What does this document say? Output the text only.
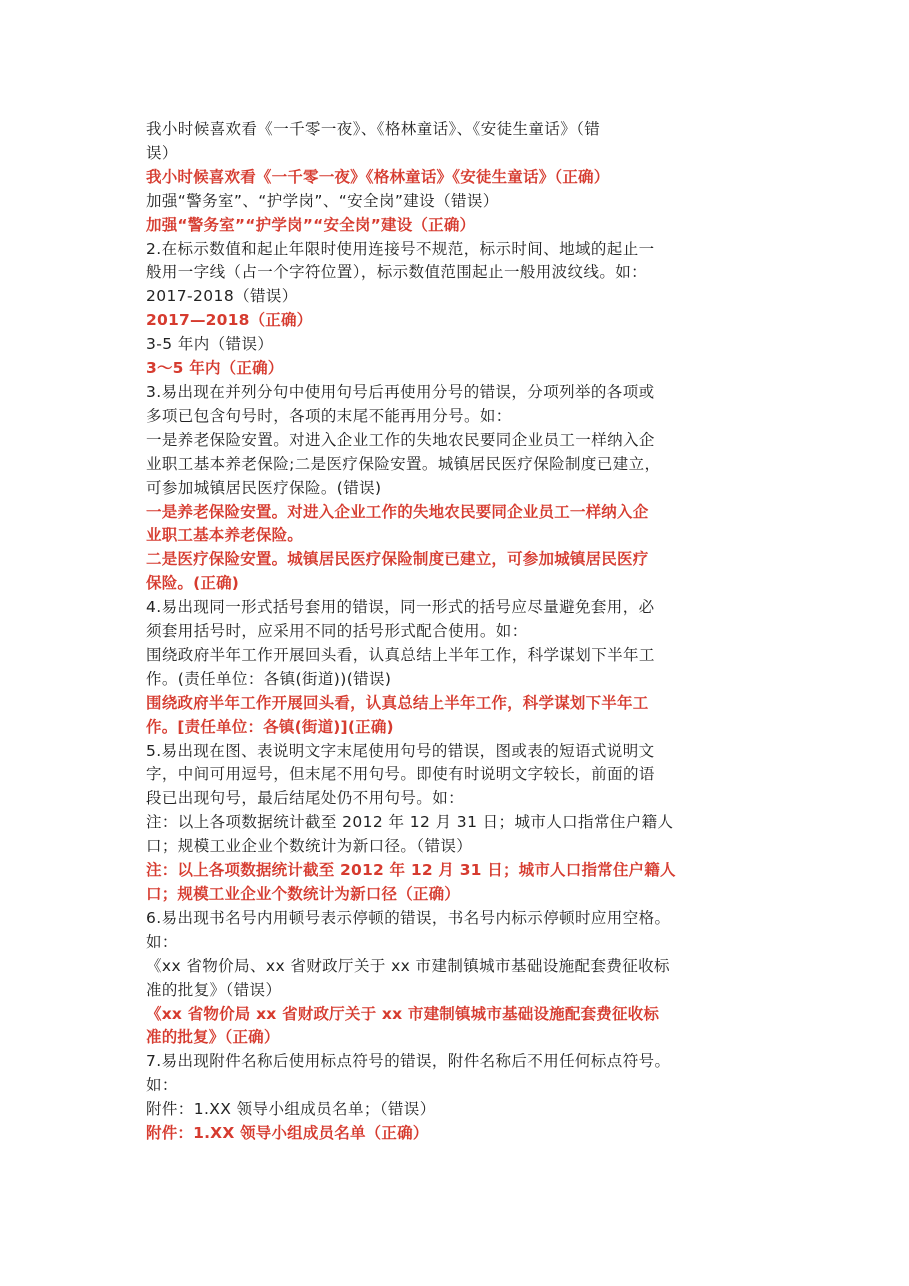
我小时候喜欢看《一千零一夜》、《格林童话》、《安徒生童话》（错
误）
我小时候喜欢看《一千零一夜》《格林童话》《安徒生童话》（正确）
加强“警务室”、“护学岗”、“安全岗”建设（错误）
加强“警务室”“护学岗”“安全岗”建设（正确）
2.在标示数值和起止年限时使用连接号不规范，标示时间、地域的起止一
般用一字线（占一个字符位置），标示数值范围起止一般用波纹线。如：
2017-2018（错误）
2017—2018（正确）
3-5 年内（错误）
3～5 年内（正确）
3.易出现在并列分句中使用句号后再使用分号的错误，分项列举的各项或
多项已包含句号时，各项的末尾不能再用分号。如：
一是养老保险安置。对进入企业工作的失地农民要同企业员工一样纳入企
业职工基本养老保险;二是医疗保险安置。城镇居民医疗保险制度已建立，
可参加城镇居民医疗保险。(错误)
一是养老保险安置。对进入企业工作的失地农民要同企业员工一样纳入企
业职工基本养老保险。
二是医疗保险安置。城镇居民医疗保险制度已建立，可参加城镇居民医疗
保险。(正确)
4.易出现同一形式括号套用的错误，同一形式的括号应尽量避免套用，必
须套用括号时，应采用不同的括号形式配合使用。如：
围绕政府半年工作开展回头看，认真总结上半年工作，科学谋划下半年工
作。(责任单位：各镇(街道))(错误)
围绕政府半年工作开展回头看，认真总结上半年工作，科学谋划下半年工
作。[责任单位：各镇(街道)](正确)
5.易出现在图、表说明文字末尾使用句号的错误，图或表的短语式说明文
字，中间可用逗号，但末尾不用句号。即使有时说明文字较长，前面的语
段已出现句号，最后结尾处仍不用句号。如：
注：以上各项数据统计截至 2012 年 12 月 31 日；城市人口指常住户籍人
口；规模工业企业个数统计为新口径。（错误）
注：以上各项数据统计截至 2012 年 12 月 31 日；城市人口指常住户籍人
口；规模工业企业个数统计为新口径（正确）
6.易出现书名号内用顿号表示停顿的错误，书名号内标示停顿时应用空格。
如：
《xx 省物价局、xx 省财政厅关于 xx 市建制镇城市基础设施配套费征收标
准的批复》（错误）
《xx 省物价局 xx 省财政厅关于 xx 市建制镇城市基础设施配套费征收标
准的批复》（正确）
7.易出现附件名称后使用标点符号的错误，附件名称后不用任何标点符号。
如：
附件：1.XX 领导小组成员名单；（错误）
附件：1.XX 领导小组成员名单（正确）
